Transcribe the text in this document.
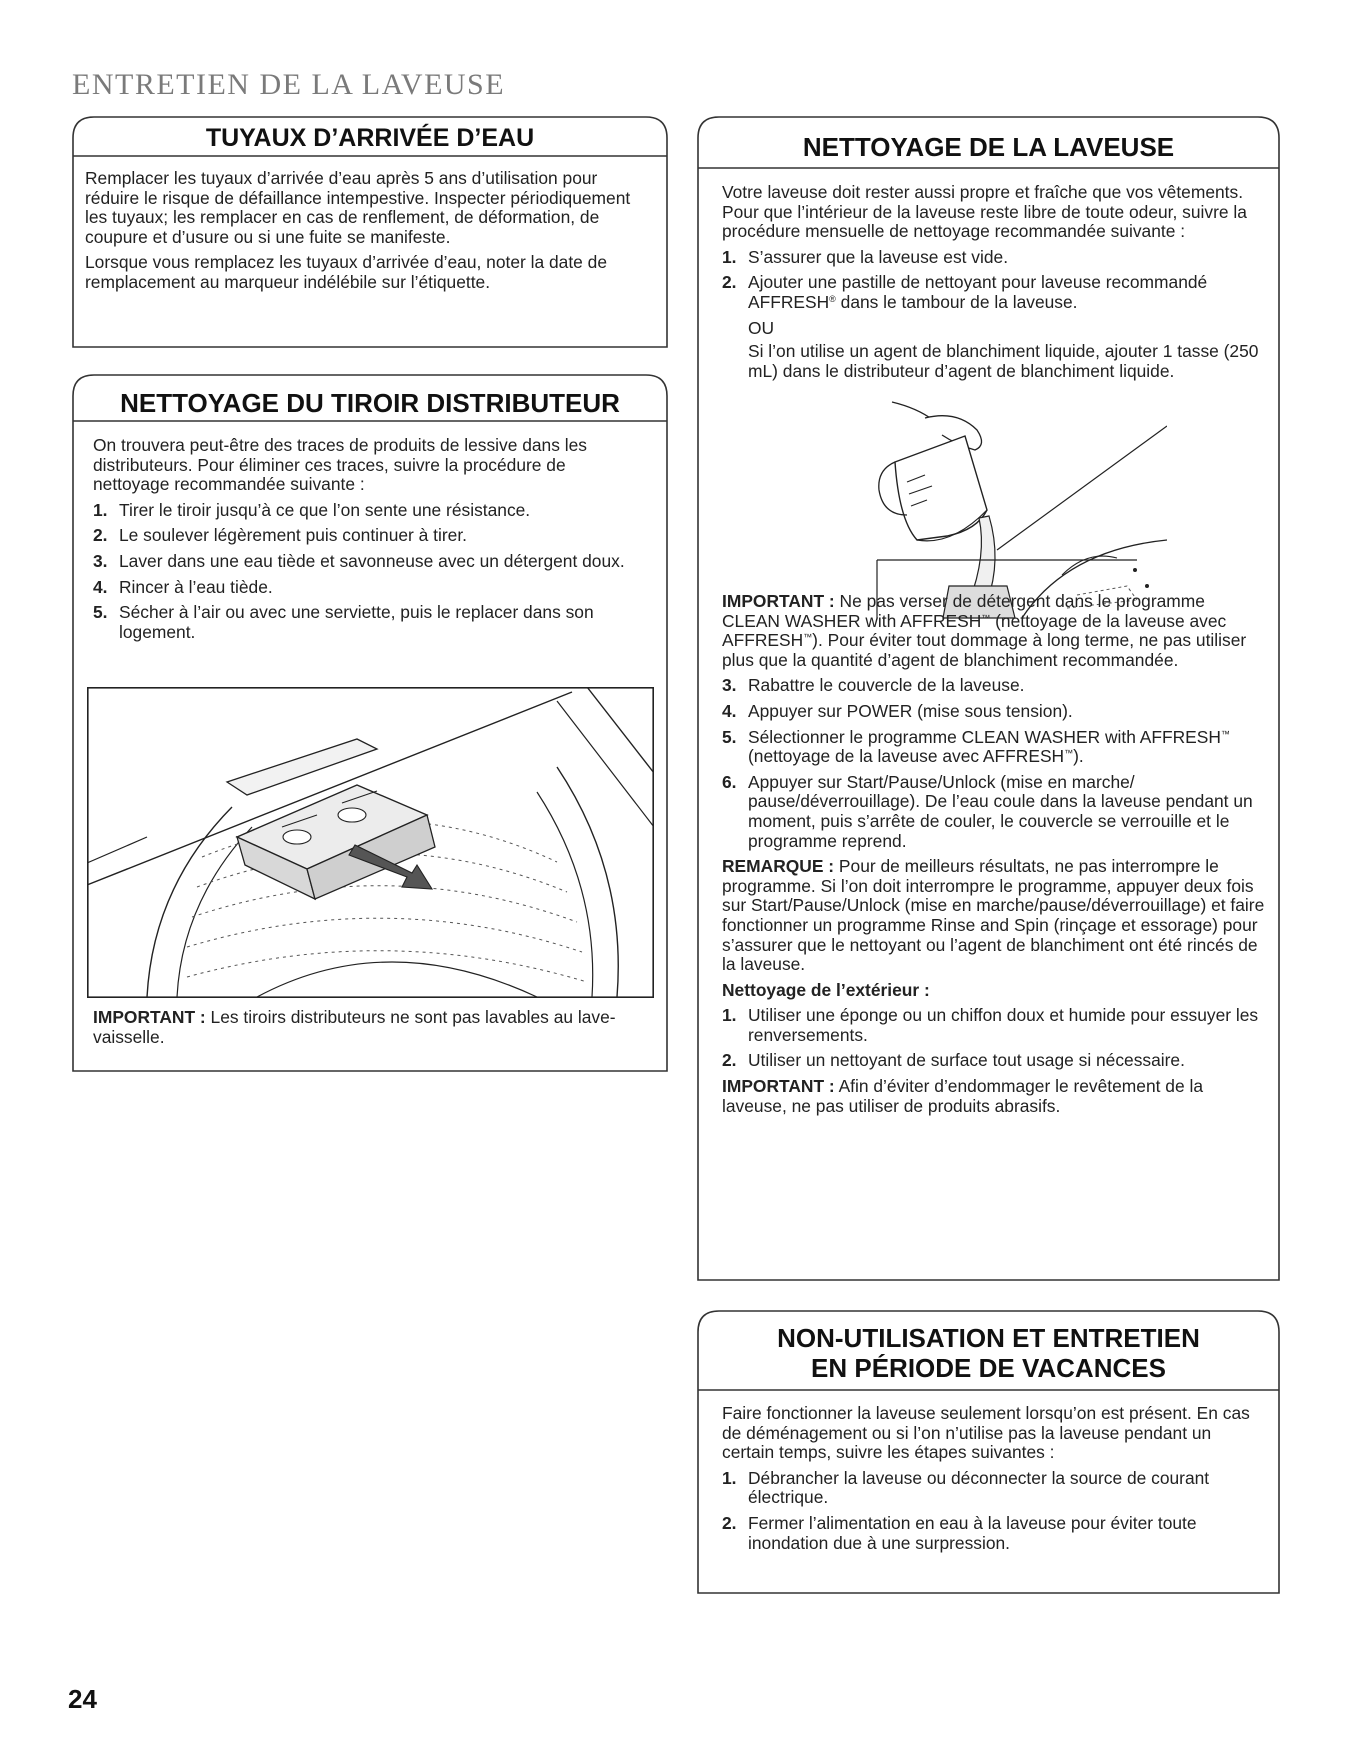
ENTRETIEN DE LA LAVEUSE
TUYAUX D’ARRIVÉE D’EAU

Remplacer les tuyaux d’arrivée d’eau après 5 ans d’utilisation pour réduire le risque de défaillance intempestive. Inspecter périodiquement les tuyaux; les remplacer en cas de renflement, de déformation, de coupure et d’usure ou si une fuite se manifeste.

Lorsque vous remplacez les tuyaux d’arrivée d’eau, noter la date de remplacement au marqueur indélébile sur l’étiquette.

NETTOYAGE DU TIROIR DISTRIBUTEUR

On trouvera peut-être des traces de produits de lessive dans les distributeurs. Pour éliminer ces traces, suivre la procédure de nettoyage recommandée suivante :

1. Tirer le tiroir jusqu’à ce que l’on sente une résistance.
2. Le soulever légèrement puis continuer à tirer.
3. Laver dans une eau tiède et savonneuse avec un détergent doux.
4. Rincer à l’eau tiède.
5. Sécher à l’air ou avec une serviette, puis le replacer dans son logement.

IMPORTANT : Les tiroirs distributeurs ne sont pas lavables au lave-vaisselle.

NETTOYAGE DE LA LAVEUSE

Votre laveuse doit rester aussi propre et fraîche que vos vêtements. Pour que l’intérieur de la laveuse reste libre de toute odeur, suivre la procédure mensuelle de nettoyage recommandée suivante :

1. S’assurer que la laveuse est vide.
2. Ajouter une pastille de nettoyant pour laveuse recommandé AFFRESH® dans le tambour de la laveuse.

OU

Si l’on utilise un agent de blanchiment liquide, ajouter 1 tasse (250 mL) dans le distributeur d’agent de blanchiment liquide.

IMPORTANT : Ne pas verser de détergent dans le programme CLEAN WASHER with AFFRESH™ (nettoyage de la laveuse avec AFFRESH™). Pour éviter tout dommage à long terme, ne pas utiliser plus que la quantité d’agent de blanchiment recommandée.

3. Rabattre le couvercle de la laveuse.
4. Appuyer sur POWER (mise sous tension).
5. Sélectionner le programme CLEAN WASHER with AFFRESH™ (nettoyage de la laveuse avec AFFRESH™).
6. Appuyer sur Start/Pause/Unlock (mise en marche/ pause/déverrouillage). De l’eau coule dans la laveuse pendant un moment, puis s’arrête de couler, le couvercle se verrouille et le programme reprend.

REMARQUE : Pour de meilleurs résultats, ne pas interrompre le programme. Si l’on doit interrompre le programme, appuyer deux fois sur Start/Pause/Unlock (mise en marche/pause/déverrouillage) et faire fonctionner un programme Rinse and Spin (rinçage et essorage) pour s’assurer que le nettoyant ou l’agent de blanchiment ont été rincés de la laveuse.

Nettoyage de l’extérieur :

1. Utiliser une éponge ou un chiffon doux et humide pour essuyer les renversements.
2. Utiliser un nettoyant de surface tout usage si nécessaire.

IMPORTANT : Afin d’éviter d’endommager le revêtement de la laveuse, ne pas utiliser de produits abrasifs.

NON-UTILISATION ET ENTRETIEN
EN PÉRIODE DE VACANCES

Faire fonctionner la laveuse seulement lorsqu’on est présent. En cas de déménagement ou si l’on n’utilise pas la laveuse pendant un certain temps, suivre les étapes suivantes :

1. Débrancher la laveuse ou déconnecter la source de courant électrique.
2. Fermer l’alimentation en eau à la laveuse pour éviter toute inondation due à une surpression.
24
